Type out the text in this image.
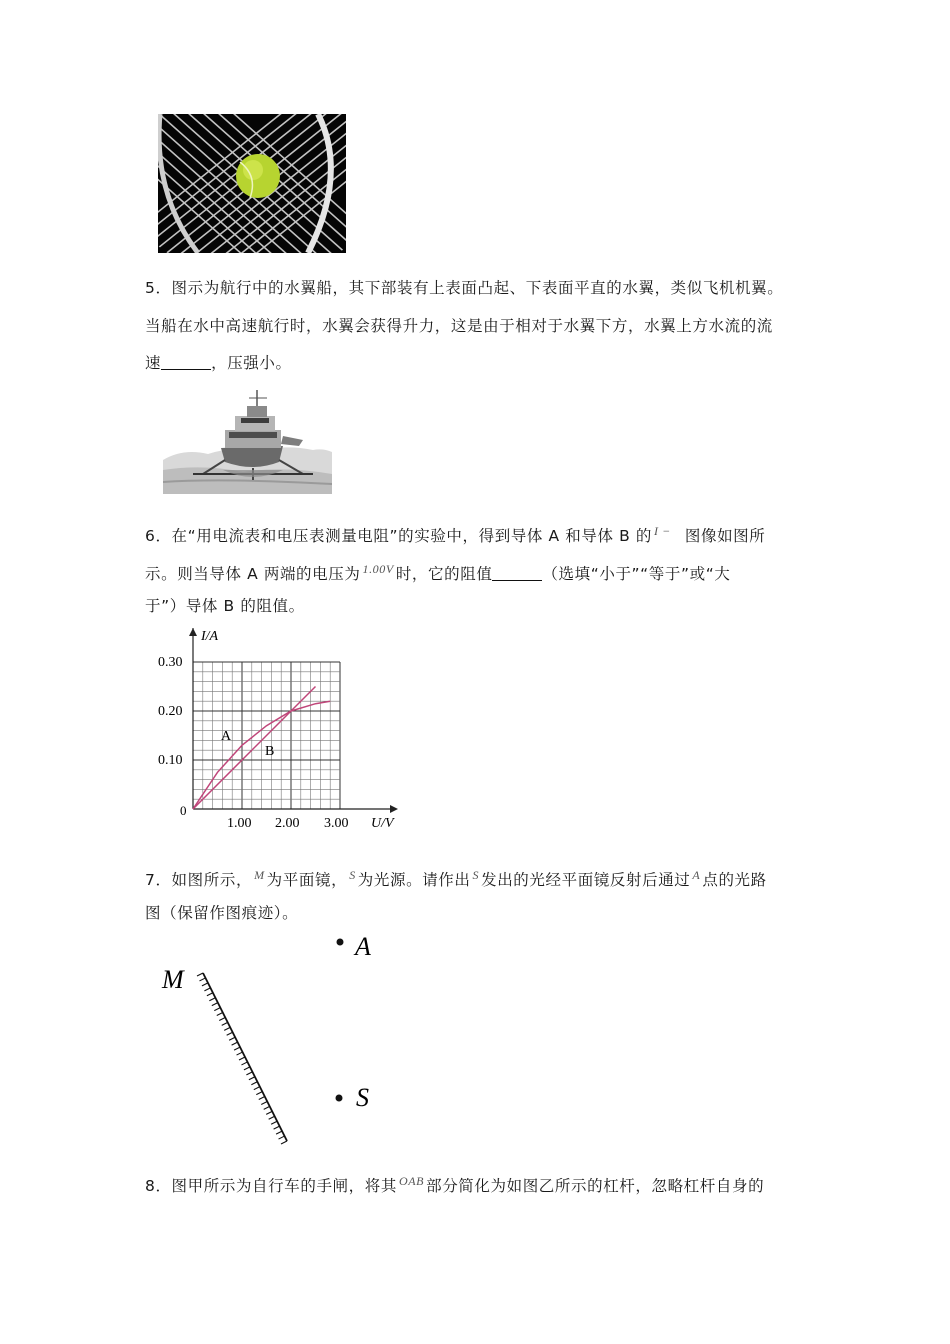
5．图示为航行中的水翼船，其下部装有上表面凸起、下表面平直的水翼，类似飞机机翼。
当船在水中高速航行时，水翼会获得升力，这是由于相对于水翼下方，水翼上方水流的流
速	，压强小。
6．在“用电流表和电压表测量电阻”的实验中，得到导体 A 和导体 B 的 $^{I -}$ 图像如图所
示。则当导体 A 两端的电压为 $^{1.00V}$ 时，它的阻值	（选填“小于”“等于”或“大
于”）导体 B 的阻值。
I/A
U/V
0
1.00 2.00 3.00
0.10
0.20
0.30
A
B
7．如图所示， $^M$ 为平面镜， $^S$ 为光源。请作出 $^S$ 发出的光经平面镜反射后通过 $^A$ 点的光路
图（保留作图痕迹）。
M
A
S
8．图甲所示为自行车的手闸，将其 $^{OAB}$ 部分简化为如图乙所示的杠杆，忽略杠杆自身的
